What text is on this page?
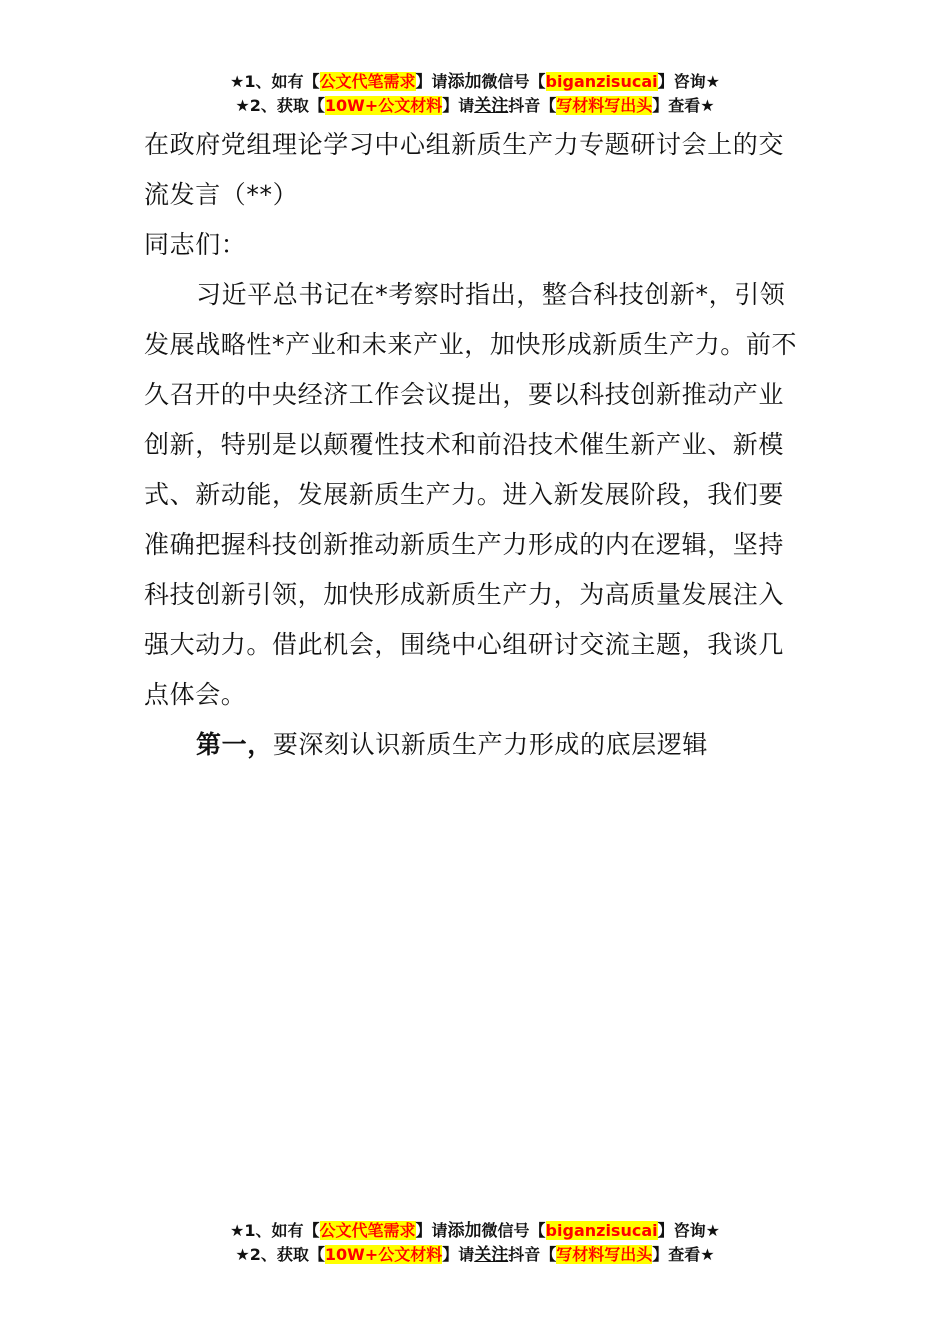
★1、如有【公文代笔需求】请添加微信号【biganzisucai】咨询★
★2、获取【10W+公文材料】请关注抖音【写材料写出头】查看★

在政府党组理论学习中心组新质生产力专题研讨会上的交流发言（**）

同志们：

习近平总书记在*考察时指出，整合科技创新*，引领发展战略性*产业和未来产业，加快形成新质生产力。前不久召开的中央经济工作会议提出，要以科技创新推动产业创新，特别是以颠覆性技术和前沿技术催生新产业、新模式、新动能，发展新质生产力。进入新发展阶段，我们要准确把握科技创新推动新质生产力形成的内在逻辑，坚持科技创新引领，加快形成新质生产力，为高质量发展注入强大动力。借此机会，围绕中心组研讨交流主题，我谈几点体会。

第一，要深刻认识新质生产力形成的底层逻辑

★1、如有【公文代笔需求】请添加微信号【biganzisucai】咨询★
★2、获取【10W+公文材料】请关注抖音【写材料写出头】查看★
